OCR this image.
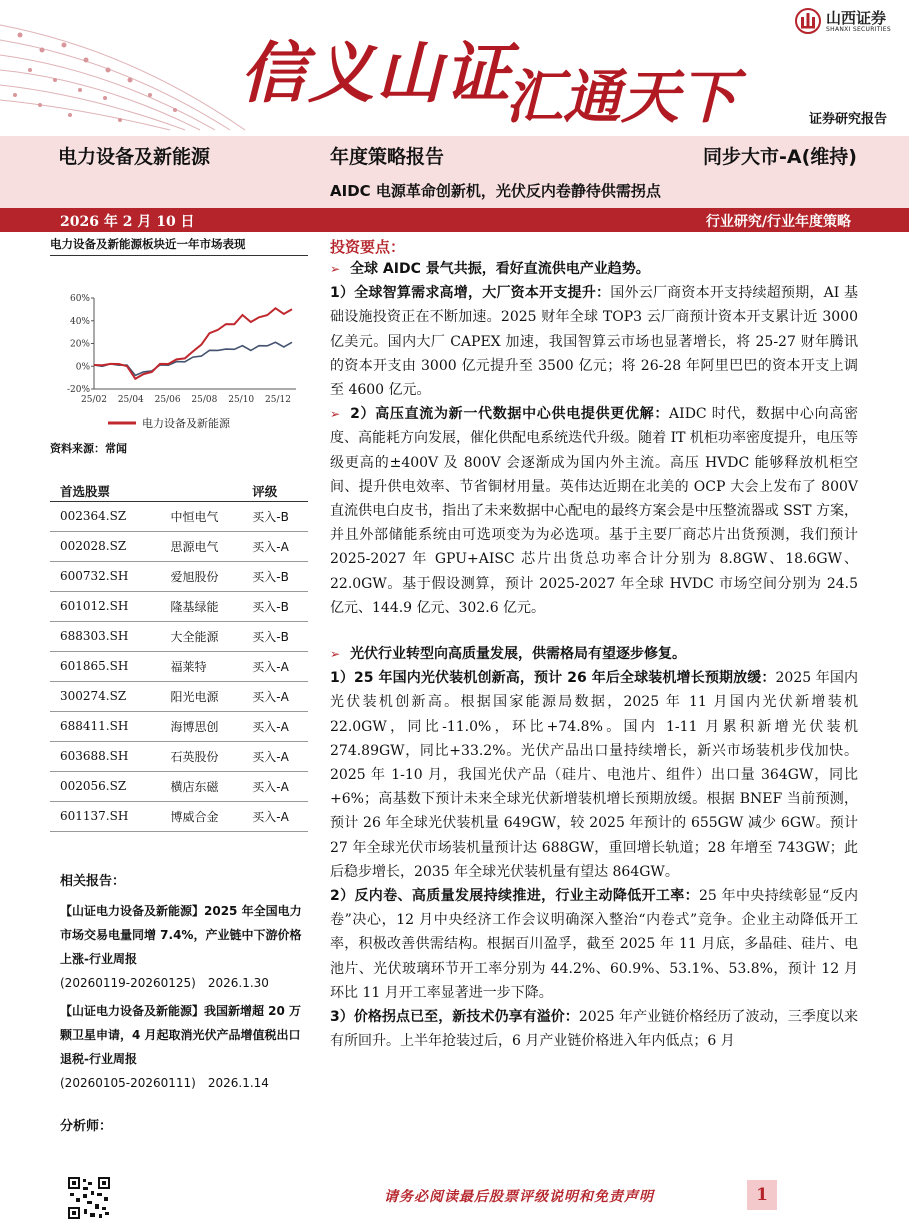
信义山证
汇通天下
山西证券
SHANXI SECURITIES
证券研究报告
电力设备及新能源	年度策略报告	同步大市-A(维持)
AIDC 电源革命创新机，光伏反内卷静待供需拐点
2026 年 2 月 10 日	行业研究/行业年度策略
电力设备及新能源板块近一年市场表现
60%
40%
20%
0%
-20%
25/02 25/04 25/06 25/08 25/10 25/12
电力设备及新能源
资料来源：常闻
首选股票		评级
002364.SZ	中恒电气	买入-B
002028.SZ	思源电气	买入-A
600732.SH	爱旭股份	买入-B
601012.SH	隆基绿能	买入-B
688303.SH	大全能源	买入-B
601865.SH	福莱特	买入-A
300274.SZ	阳光电源	买入-A
688411.SH	海博思创	买入-A
603688.SH	石英股份	买入-A
002056.SZ	横店东磁	买入-A
601137.SH	博威合金	买入-A
相关报告：
【山证电力设备及新能源】2025 年全国电力市场交易电量同增 7.4%，产业链中下游价格上涨-行业周报
(20260119-20260125)　2026.1.30
【山证电力设备及新能源】我国新增超 20 万颗卫星申请，4 月起取消光伏产品增值税出口退税-行业周报
(20260105-20260111)　2026.1.14
分析师：
投资要点：

➢ 全球 AIDC 景气共振，看好直流供电产业趋势。

1）全球智算需求高增，大厂资本开支提升：国外云厂商资本开支持续超预期，AI 基础设施投资正在不断加速。2025 财年全球 TOP3 云厂商预计资本开支累计近 3000 亿美元。国内大厂 CAPEX 加速，我国智算云市场也显著增长，将 25-27 财年腾讯的资本开支由 3000 亿元提升至 3500 亿元；将 26-28 年阿里巴巴的资本开支上调至 4600 亿元。

➢ 2）高压直流为新一代数据中心供电提供更优解：AIDC 时代，数据中心向高密度、高能耗方向发展，催化供配电系统迭代升级。随着 IT 机柜功率密度提升，电压等级更高的±400V 及 800V 会逐渐成为国内外主流。高压 HVDC 能够释放机柜空间、提升供电效率、节省铜材用量。英伟达近期在北美的 OCP 大会上发布了 800V 直流供电白皮书，指出了未来数据中心配电的最终方案会是中压整流器或 SST 方案，并且外部储能系统由可选项变为为必选项。基于主要厂商芯片出货预测，我们预计 2025-2027 年 GPU+AISC 芯片出货总功率合计分别为 8.8GW、18.6GW、22.0GW。基于假设测算，预计 2025-2027 年全球 HVDC 市场空间分别为 24.5 亿元、144.9 亿元、302.6 亿元。

➢ 光伏行业转型向高质量发展，供需格局有望逐步修复。

1）25 年国内光伏装机创新高，预计 26 年后全球装机增长预期放缓：2025 年国内光伏装机创新高。根据国家能源局数据，2025 年 11 月国内光伏新增装机 22.0GW，同比-11.0%，环比+74.8%。国内 1-11 月累积新增光伏装机 274.89GW，同比+33.2%。光伏产品出口量持续增长，新兴市场装机步伐加快。2025 年 1-10 月，我国光伏产品（硅片、电池片、组件）出口量 364GW，同比+6%；高基数下预计未来全球光伏新增装机增长预期放缓。根据 BNEF 当前预测，预计 26 年全球光伏装机量 649GW，较 2025 年预计的 655GW 减少 6GW。预计 27 年全球光伏市场装机量预计达 688GW，重回增长轨道；28 年增至 743GW；此后稳步增长，2035 年全球光伏装机量有望达 864GW。

2）反内卷、高质量发展持续推进，行业主动降低开工率：25 年中央持续彰显“反内卷”决心，12 月中央经济工作会议明确深入整治“内卷式”竞争。企业主动降低开工率，积极改善供需结构。根据百川盈孚，截至 2025 年 11 月底，多晶硅、硅片、电池片、光伏玻璃环节开工率分别为 44.2%、60.9%、53.1%、53.8%，预计 12 月环比 11 月开工率显著进一步下降。

3）价格拐点已至，新技术仍享有溢价：2025 年产业链价格经历了波动，三季度以来有所回升。上半年抢装过后，6 月产业链价格进入年内低点；6 月

请务必阅读最后股票评级说明和免责声明	1
